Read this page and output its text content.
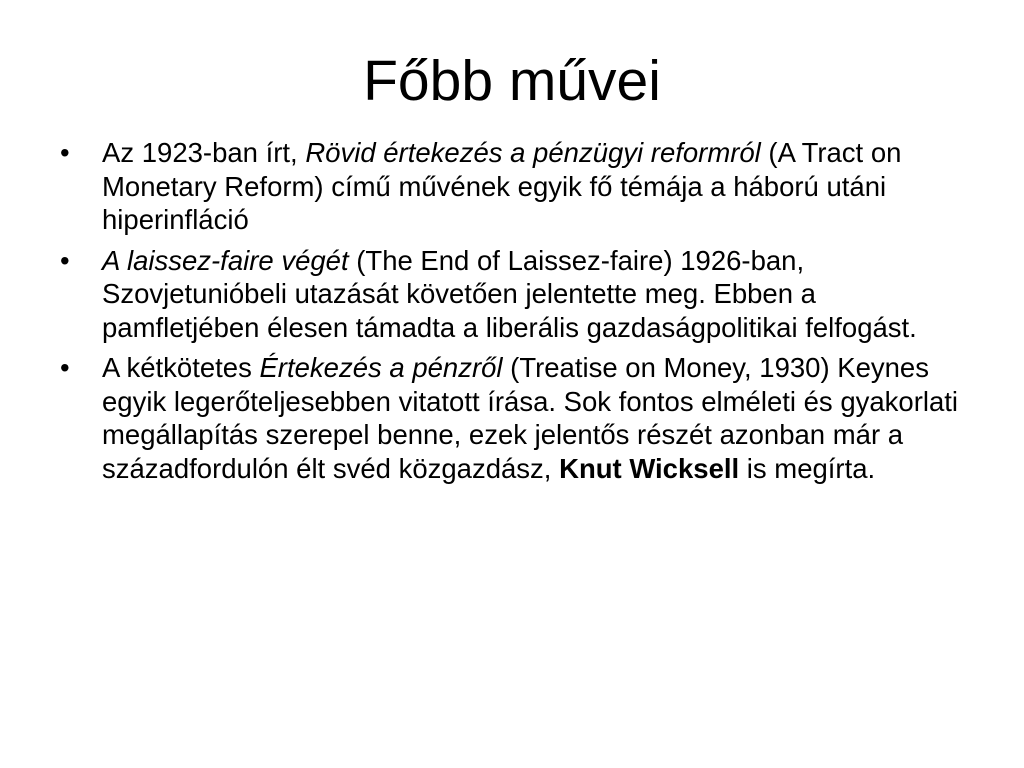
Főbb művei
• Az 1923-ban írt, Rövid értekezés a pénzügyi reformról (A Tract on Monetary Reform) című művének egyik fő témája a háború utáni hiperinfláció
• A laissez-faire végét (The End of Laissez-faire) 1926-ban, Szovjetunióbeli utazását követően jelentette meg. Ebben a pamfletjében élesen támadta a liberális gazdaságpolitikai felfogást.
• A kétkötetes Értekezés a pénzről (Treatise on Money, 1930) Keynes egyik legerőteljesebben vitatott írása. Sok fontos elméleti és gyakorlati megállapítás szerepel benne, ezek jelentős részét azonban már a századfordulón élt svéd közgazdász, Knut Wicksell is megírta.
